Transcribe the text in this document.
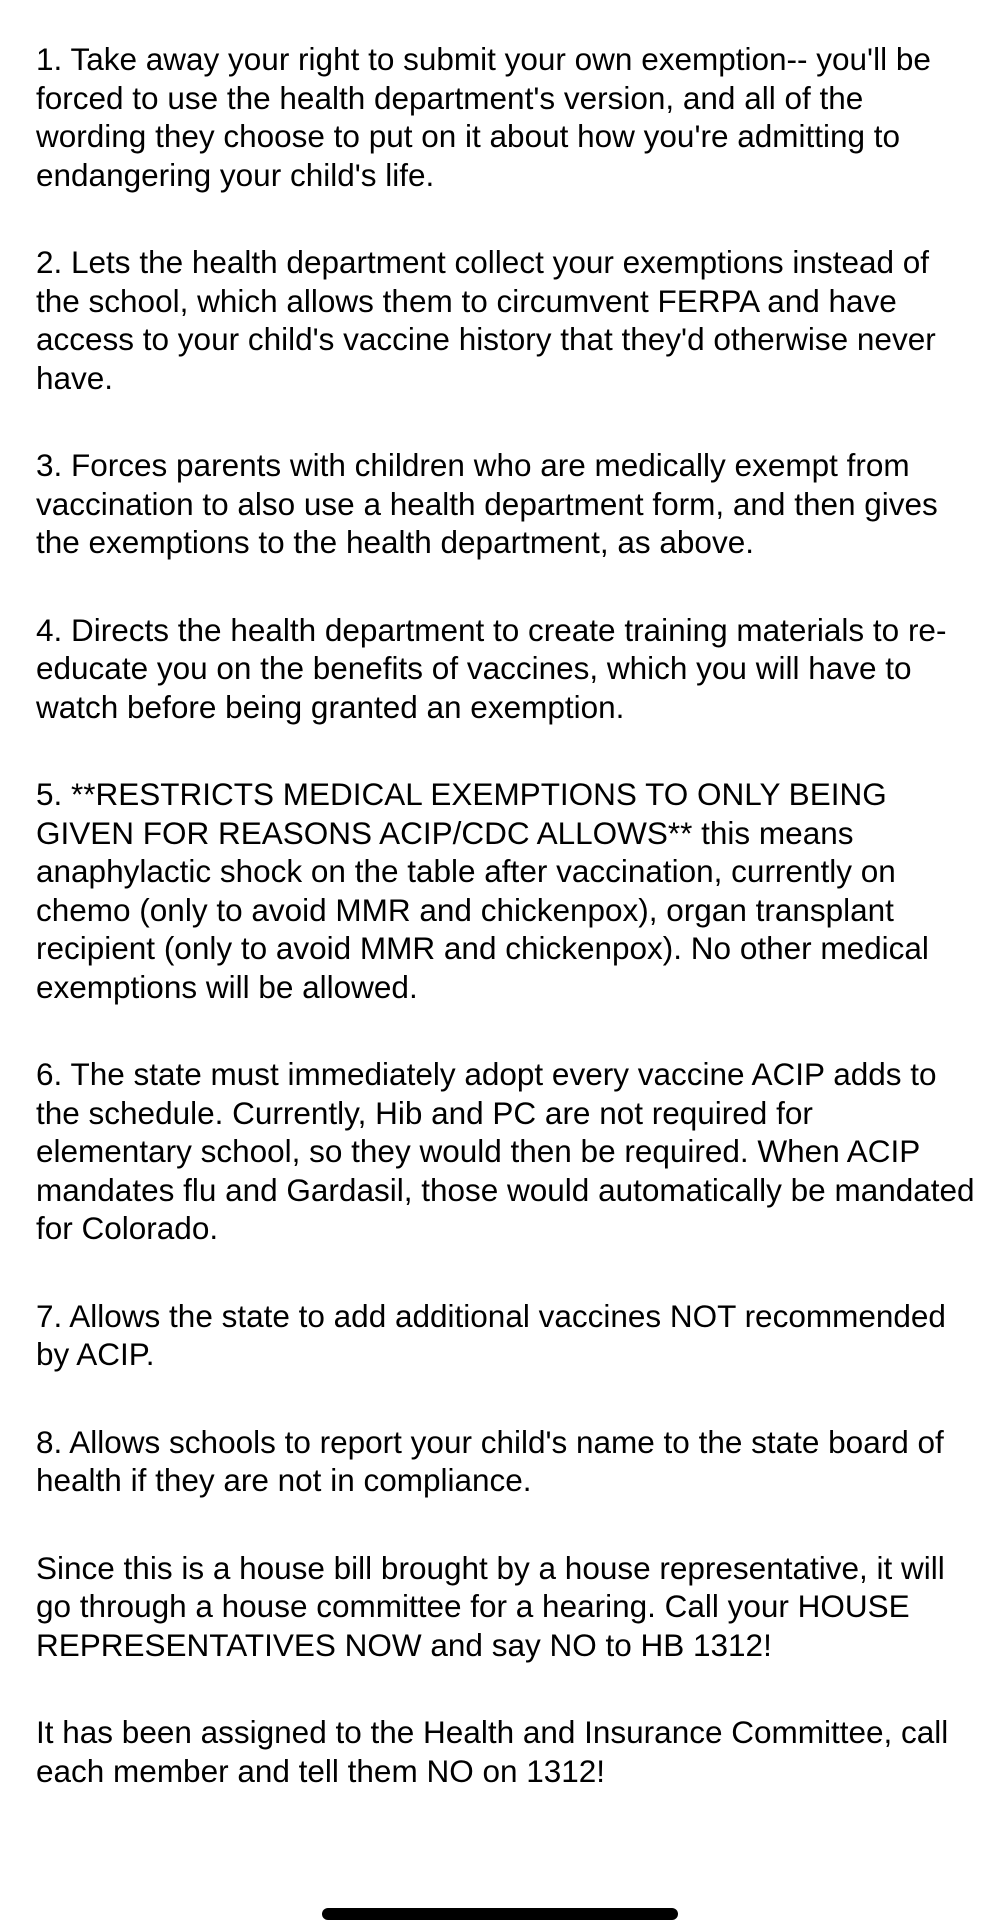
1. Take away your right to submit your own exemption-- you'll be forced to use the health department's version, and all of the wording they choose to put on it about how you're admitting to endangering your child's life.

2. Lets the health department collect your exemptions instead of the school, which allows them to circumvent FERPA and have access to your child's vaccine history that they'd otherwise never have.

3. Forces parents with children who are medically exempt from vaccination to also use a health department form, and then gives the exemptions to the health department, as above.

4. Directs the health department to create training materials to re-educate you on the benefits of vaccines, which you will have to watch before being granted an exemption.

5. **RESTRICTS MEDICAL EXEMPTIONS TO ONLY BEING GIVEN FOR REASONS ACIP/CDC ALLOWS** this means anaphylactic shock on the table after vaccination, currently on chemo (only to avoid MMR and chickenpox), organ transplant recipient (only to avoid MMR and chickenpox). No other medical exemptions will be allowed.

6. The state must immediately adopt every vaccine ACIP adds to the schedule. Currently, Hib and PC are not required for elementary school, so they would then be required. When ACIP mandates flu and Gardasil, those would automatically be mandated for Colorado.

7. Allows the state to add additional vaccines NOT recommended by ACIP.

8. Allows schools to report your child's name to the state board of health if they are not in compliance.

Since this is a house bill brought by a house representative, it will go through a house committee for a hearing. Call your HOUSE REPRESENTATIVES NOW and say NO to HB 1312!

It has been assigned to the Health and Insurance Committee, call each member and tell them NO on 1312!
